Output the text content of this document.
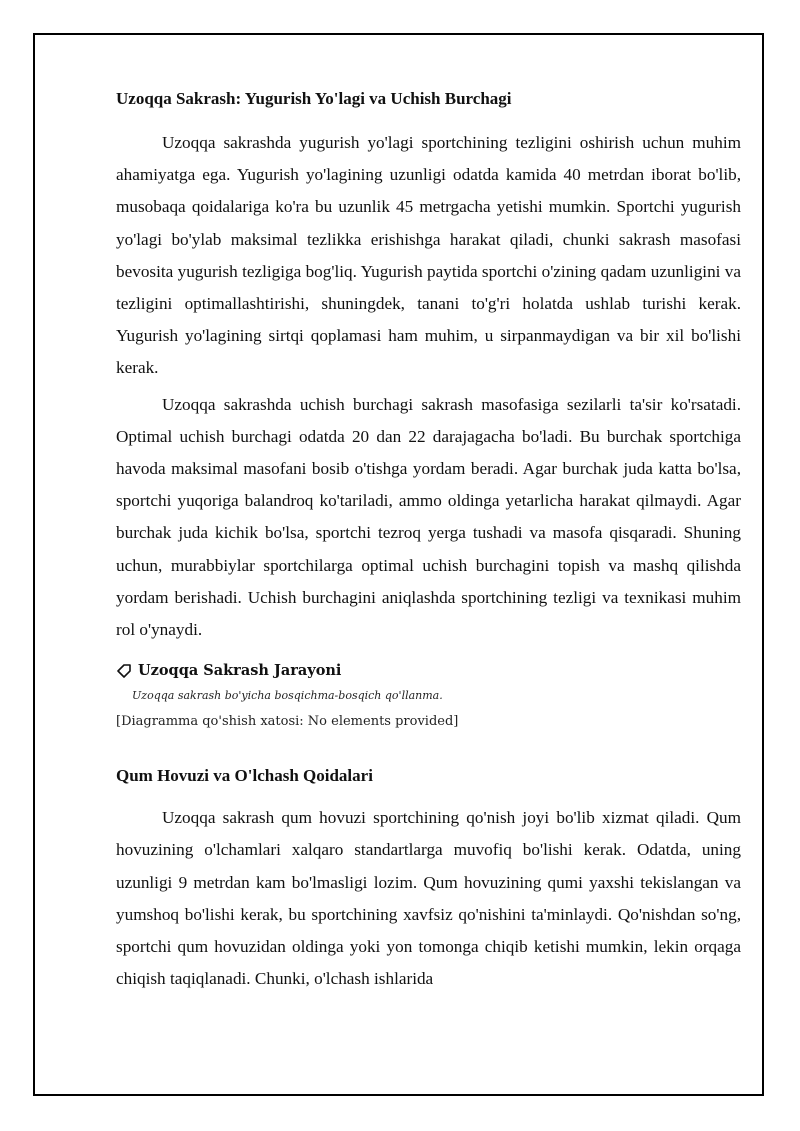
Uzoqqa Sakrash: Yugurish Yo'lagi va Uchish Burchagi

Uzoqqa sakrashda yugurish yo'lagi sportchining tezligini oshirish uchun muhim ahamiyatga ega. Yugurish yo'lagining uzunligi odatda kamida 40 metrdan iborat bo'lib, musobaqa qoidalariga ko'ra bu uzunlik 45 metrgacha yetishi mumkin. Sportchi yugurish yo'lagi bo'ylab maksimal tezlikka erishishga harakat qiladi, chunki sakrash masofasi bevosita yugurish tezligiga bog'liq. Yugurish paytida sportchi o'zining qadam uzunligini va tezligini optimallashtirishi, shuningdek, tanani to'g'ri holatda ushlab turishi kerak. Yugurish yo'lagining sirtqi qoplamasi ham muhim, u sirpanmaydigan va bir xil bo'lishi kerak.

Uzoqqa sakrashda uchish burchagi sakrash masofasiga sezilarli ta'sir ko'rsatadi. Optimal uchish burchagi odatda 20 dan 22 darajagacha bo'ladi. Bu burchak sportchiga havoda maksimal masofani bosib o'tishga yordam beradi. Agar burchak juda katta bo'lsa, sportchi yuqoriga balandroq ko'tariladi, ammo oldinga yetarlicha harakat qilmaydi. Agar burchak juda kichik bo'lsa, sportchi tezroq yerga tushadi va masofa qisqaradi. Shuning uchun, murabbiylar sportchilarga optimal uchish burchagini topish va mashq qilishda yordam berishadi. Uchish burchagini aniqlashda sportchining tezligi va texnikasi muhim rol o'ynaydi.

Uzoqqa Sakrash Jarayoni
Uzoqqa sakrash bo'yicha bosqichma-bosqich qo'llanma.
[Diagramma qo'shish xatosi: No elements provided]
Qum Hovuzi va O'lchash Qoidalari

Uzoqqa sakrash qum hovuzi sportchining qo'nish joyi bo'lib xizmat qiladi. Qum hovuzining o'lchamlari xalqaro standartlarga muvofiq bo'lishi kerak. Odatda, uning uzunligi 9 metrdan kam bo'lmasligi lozim. Qum hovuzining qumi yaxshi tekislangan va yumshoq bo'lishi kerak, bu sportchining xavfsiz qo'nishini ta'minlaydi. Qo'nishdan so'ng, sportchi qum hovuzidan oldinga yoki yon tomonga chiqib ketishi mumkin, lekin orqaga chiqish taqiqlanadi. Chunki, o'lchash ishlarida
